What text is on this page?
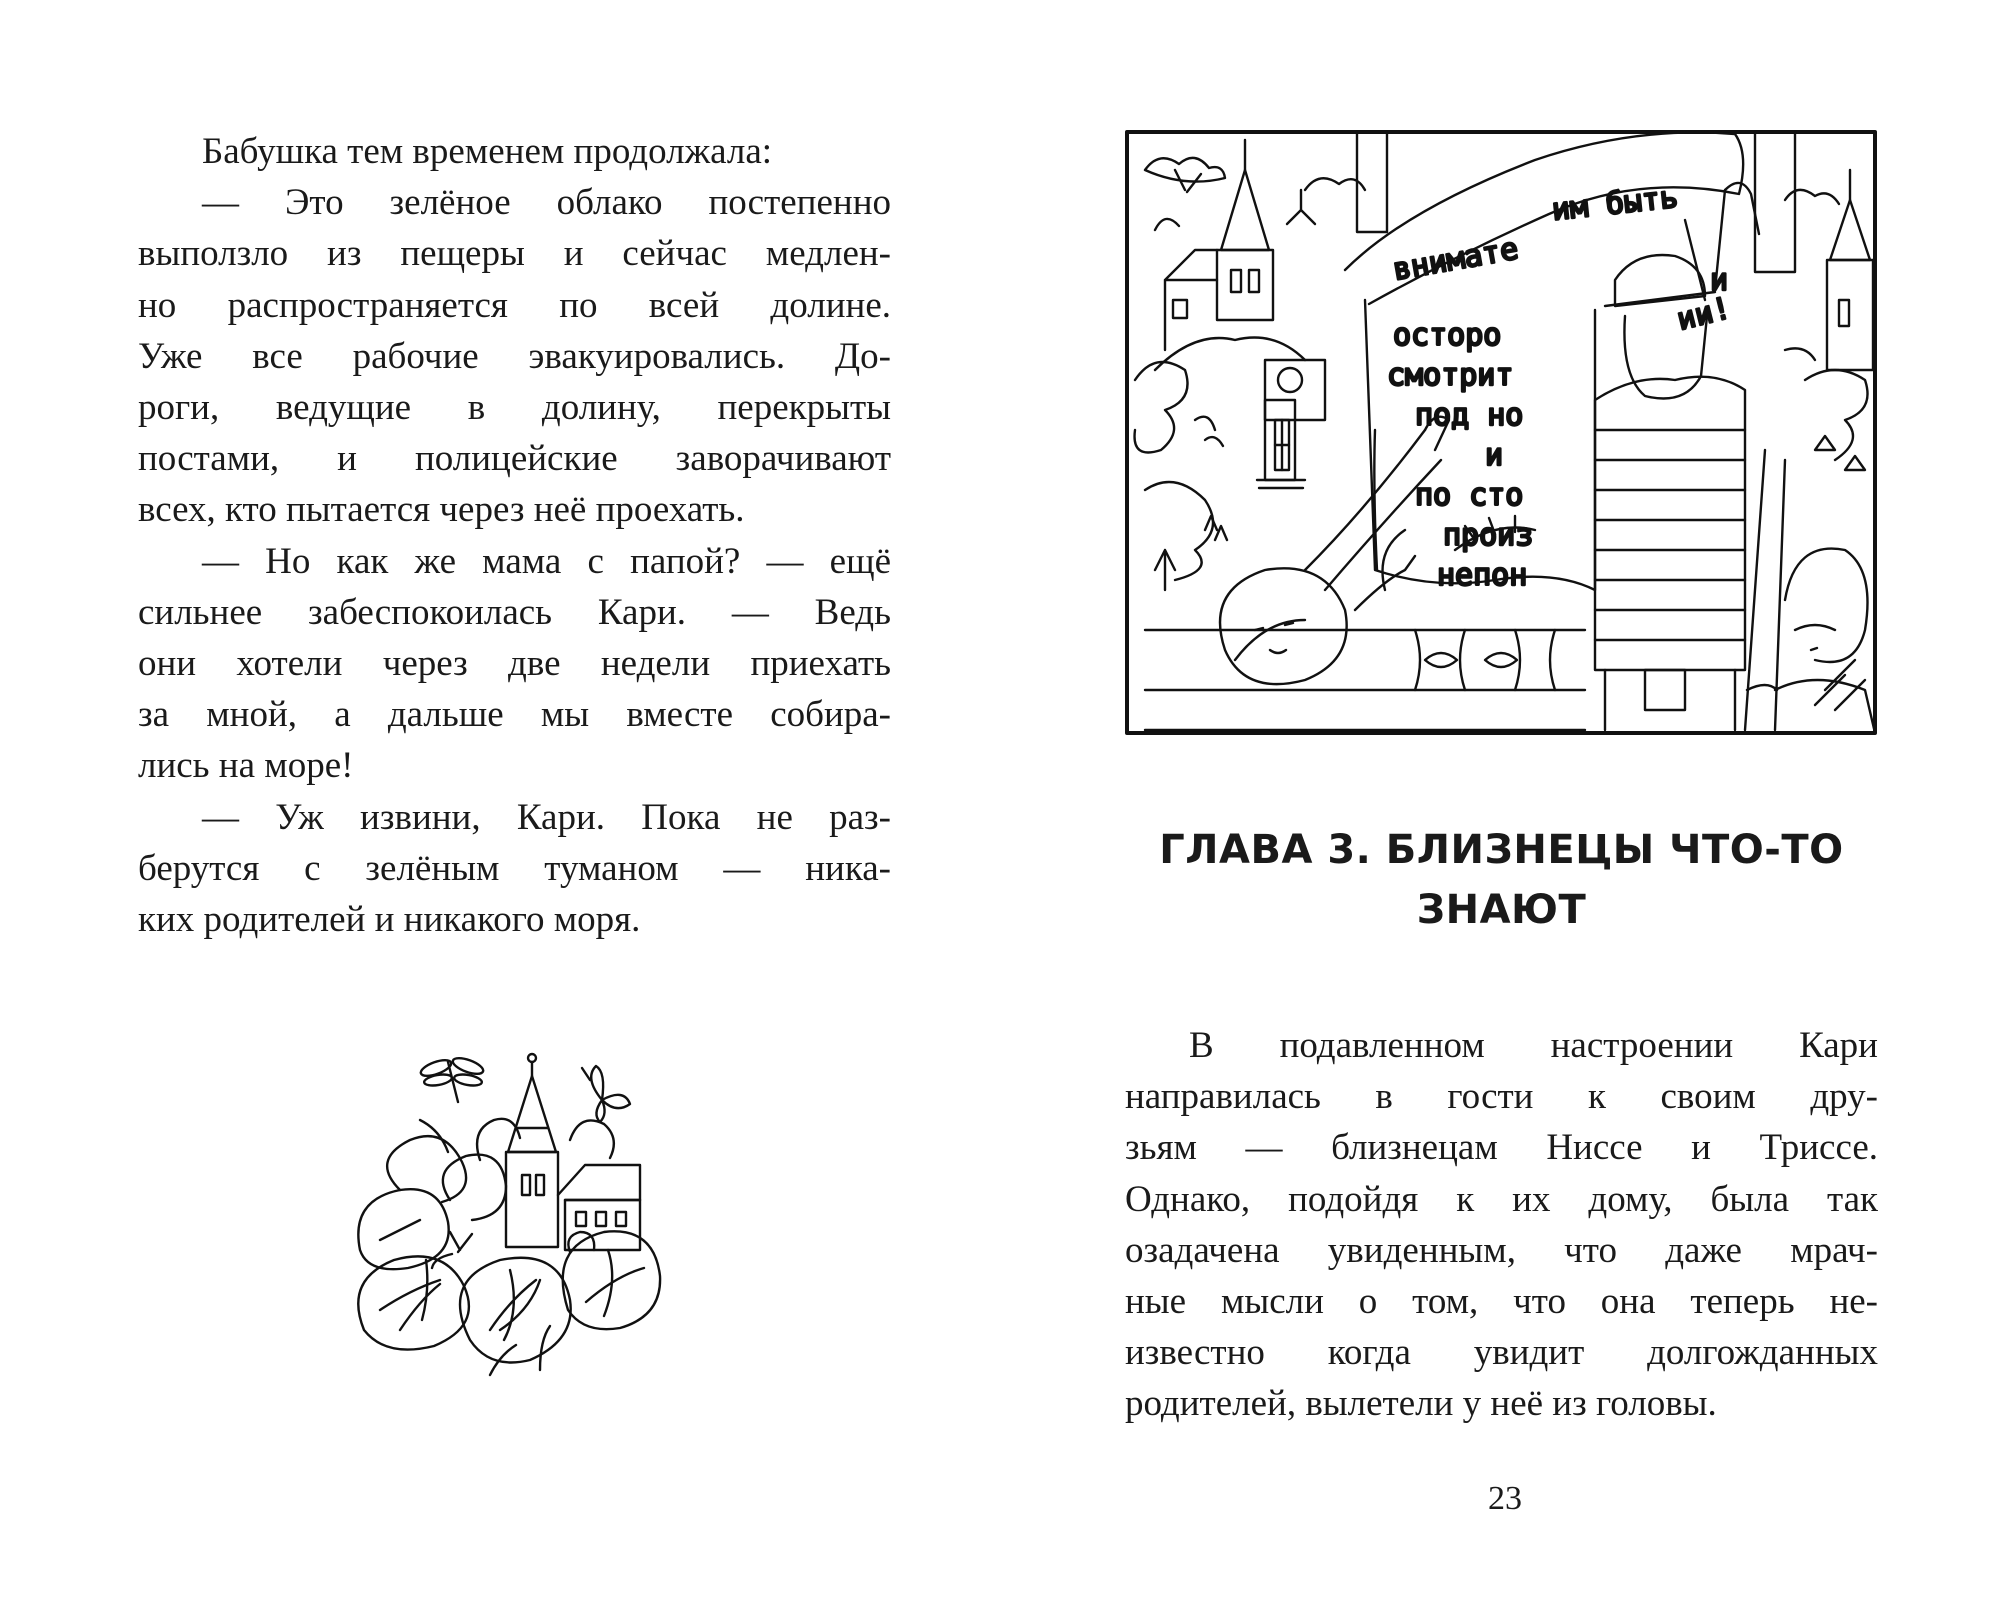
Бабушка тем временем продолжала:

— Это зелёное облако постепенно
выползло из пещеры и сейчас медлен-
но распространяется по всей долине.
Уже все рабочие эвакуировались. До-
роги, ведущие в долину, перекрыты
постами, и полицейские заворачивают
всех, кто пытается через неё проехать.

— Но как же мама с папой? — ещё
сильнее забеспокоилась Кари. — Ведь
они хотели через две недели приехать
за мной, а дальше мы вместе собира-
лись на море!

— Уж извини, Кари. Пока не раз-
берутся с зелёным туманом — ника-
ких родителей и никакого моря.

им быть
внимате
осторо
смотрит
под но
и
по сто
произ
непон
и
ии!
ГЛАВА 3. БЛИЗНЕЦЫ ЧТО-ТО
ЗНАЮТ

В подавленном настроении Кари
направилась в гости к своим дру-
зьям — близнецам Ниссе и Триссе.
Однако, подойдя к их дому, была так
озадачена увиденным, что даже мрач-
ные мысли о том, что она теперь не-
известно когда увидит долгожданных
родителей, вылетели у неё из головы.

23
